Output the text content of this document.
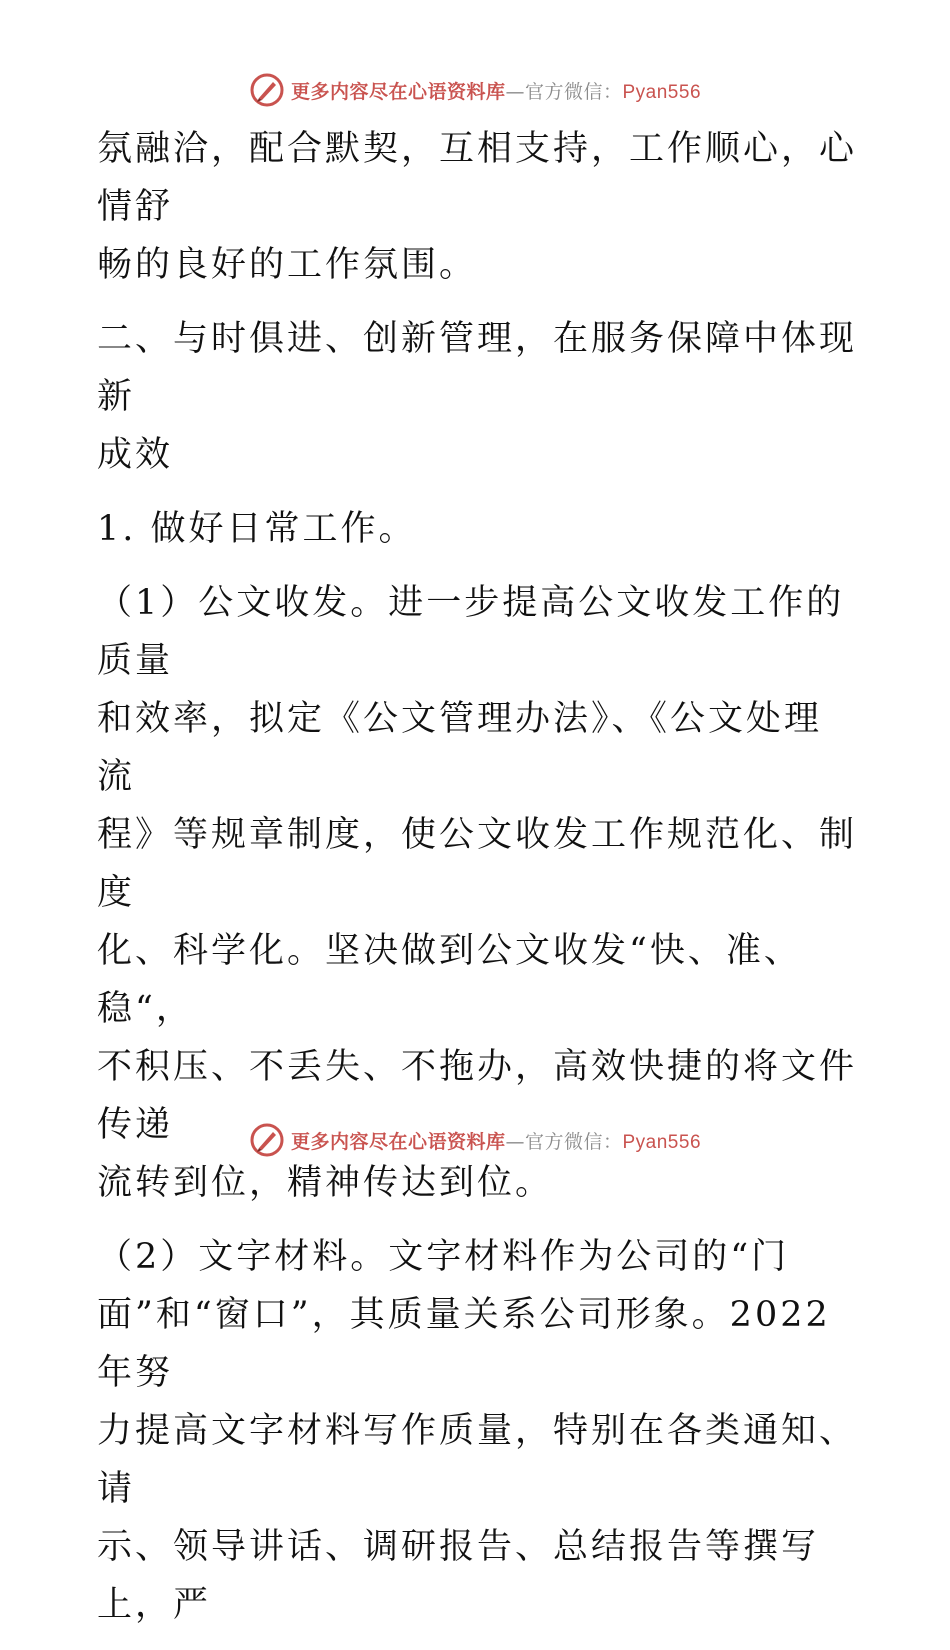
更多内容尽在心语资料库—官方微信：Pyan556

氛融洽，配合默契，互相支持，工作顺心，心情舒
畅的良好的工作氛围。

二、与时俱进、创新管理，在服务保障中体现新
成效

1. 做好日常工作。

（1）公文收发。进一步提高公文收发工作的质量
和效率，拟定《公文管理办法》、《公文处理流
程》等规章制度，使公文收发工作规范化、制度
化、科学化。坚决做到公文收发“快、准、稳“，
不积压、不丢失、不拖办，高效快捷的将文件传递
流转到位，精神传达到位。

（2）文字材料。文字材料作为公司的“门
面”和“窗口”，其质量关系公司形象。2022年努
力提高文字材料写作质量，特别在各类通知、请
示、领导讲话、调研报告、总结报告等撰写上，严

更多内容尽在心语资料库—官方微信：Pyan556
